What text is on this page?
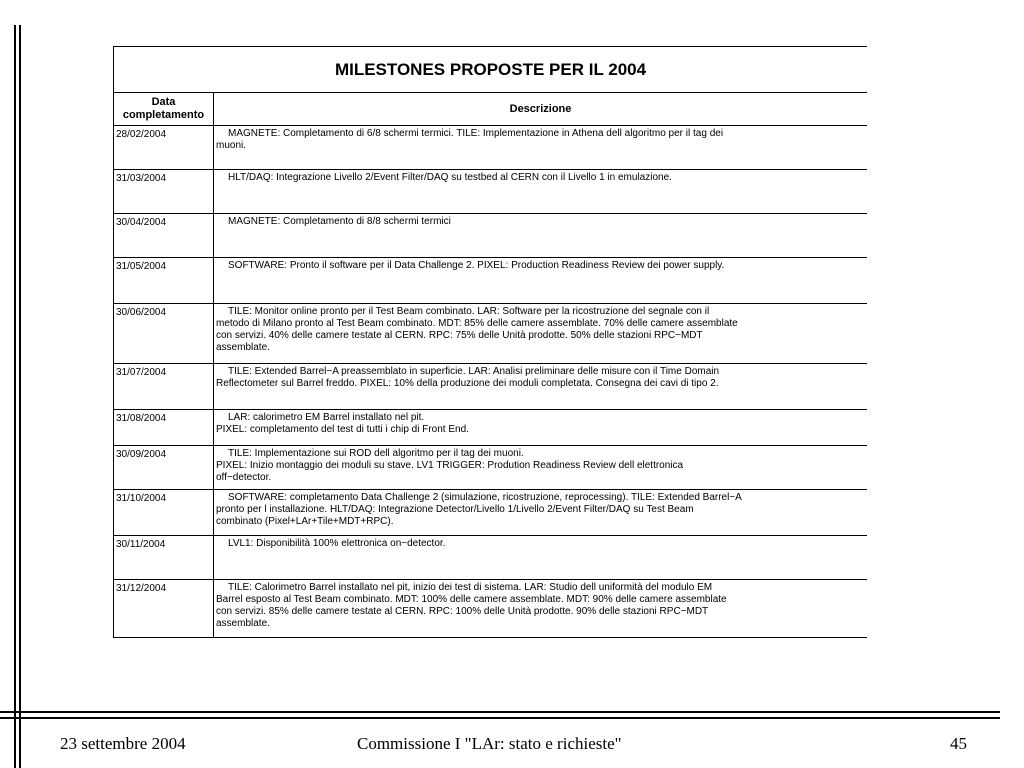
MILESTONES PROPOSTE PER IL 2004	

Data
completamento	Descrizione
28/02/2004	MAGNETE: Completamento di 6/8 schermi termici. TILE: Implementazione in Athena dell algoritmo per il tag dei
muoni.

31/03/2004	HLT/DAQ: Integrazione Livello 2/Event Filter/DAQ su testbed al CERN con il Livello 1 in emulazione.

30/04/2004	MAGNETE: Completamento di 8/8 schermi termici

31/05/2004	SOFTWARE: Pronto il software per il Data Challenge 2. PIXEL: Production Readiness Review dei power supply.

30/06/2004	TILE: Monitor online pronto per il Test Beam combinato. LAR: Software per la ricostruzione del segnale con il
metodo di Milano pronto al Test Beam combinato. MDT: 85% delle camere assemblate. 70% delle camere assemblate
con servizi. 40% delle camere testate al CERN. RPC: 75% delle Unità prodotte. 50% delle stazioni RPC−MDT
assemblate.

31/07/2004	TILE: Extended Barrel−A preassemblato in superficie. LAR: Analisi preliminare delle misure con il Time Domain
Reflectometer sul Barrel freddo. PIXEL: 10% della produzione dei moduli completata. Consegna dei cavi di tipo 2.

31/08/2004	LAR: calorimetro EM Barrel installato nel pit.
PIXEL: completamento del test di tutti i chip di Front End.

30/09/2004	TILE: Implementazione sui ROD dell algoritmo per il tag dei muoni.
PIXEL: Inizio montaggio dei moduli su stave. LV1 TRIGGER: Prodution Readiness Review dell elettronica
off−detector.

31/10/2004	SOFTWARE: completamento Data Challenge 2 (simulazione, ricostruzione, reprocessing). TILE: Extended Barrel−A
pronto per l installazione. HLT/DAQ: Integrazione Detector/Livello 1/Livello 2/Event Filter/DAQ su Test Beam
combinato (Pixel+LAr+Tile+MDT+RPC).

30/11/2004	LVL1: Disponibilità 100% elettronica on−detector.

31/12/2004	TILE: Calorimetro Barrel installato nel pit, inizio dei test di sistema. LAR: Studio dell uniformità del modulo EM
Barrel esposto al Test Beam combinato. MDT: 100% delle camere assemblate. MDT: 90% delle camere assemblate
con servizi. 85% delle camere testate al CERN. RPC: 100% delle Unità prodotte. 90% delle stazioni RPC−MDT
assemblate.
23 settembre 2004	Commissione I "LAr: stato e richieste"	45
